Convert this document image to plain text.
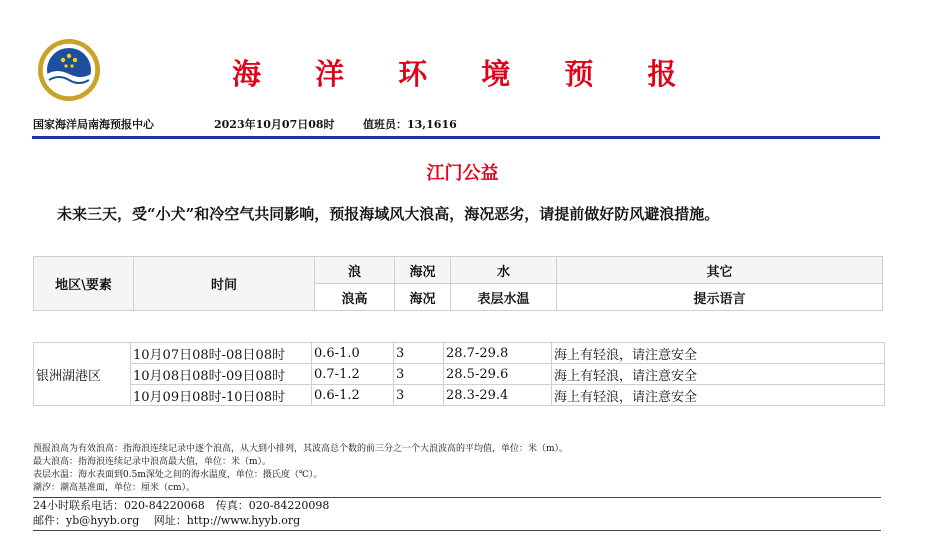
海 洋 环 境 预 报
国家海洋局南海预报中心	2023年10月07日08时	值班员：13,1616
江门公益
未来三天，受“小犬”和冷空气共同影响，预报海域风大浪高，海况恶劣，请提前做好防风避浪措施。
地区\要素	时间	浪	海况	水	其它
		浪高	海况	表层水温	提示语言
银洲湖港区	10月07日08时-08日08时	0.6-1.0	3	28.7-29.8	海上有轻浪，请注意安全
	10月08日08时-09日08时	0.7-1.2	3	28.5-29.6	海上有轻浪，请注意安全
	10月09日08时-10日08时	0.6-1.2	3	28.3-29.4	海上有轻浪，请注意安全
预报浪高为有效浪高：指海浪连续记录中逐个浪高，从大到小排列，其波高总个数的前三分之一个大浪波高的平均值，单位：米（m）。
最大浪高：指海浪连续记录中浪高最大值，单位：米（m）。
表层水温：海水表面到0.5m深处之间的海水温度，单位：摄氏度（℃）。
潮汐：潮高基准面，单位：厘米（cm）。
24小时联系电话：020-84220068　传真：020-84220098
邮件：yb@hyyb.org　 网址：http://www.hyyb.org
